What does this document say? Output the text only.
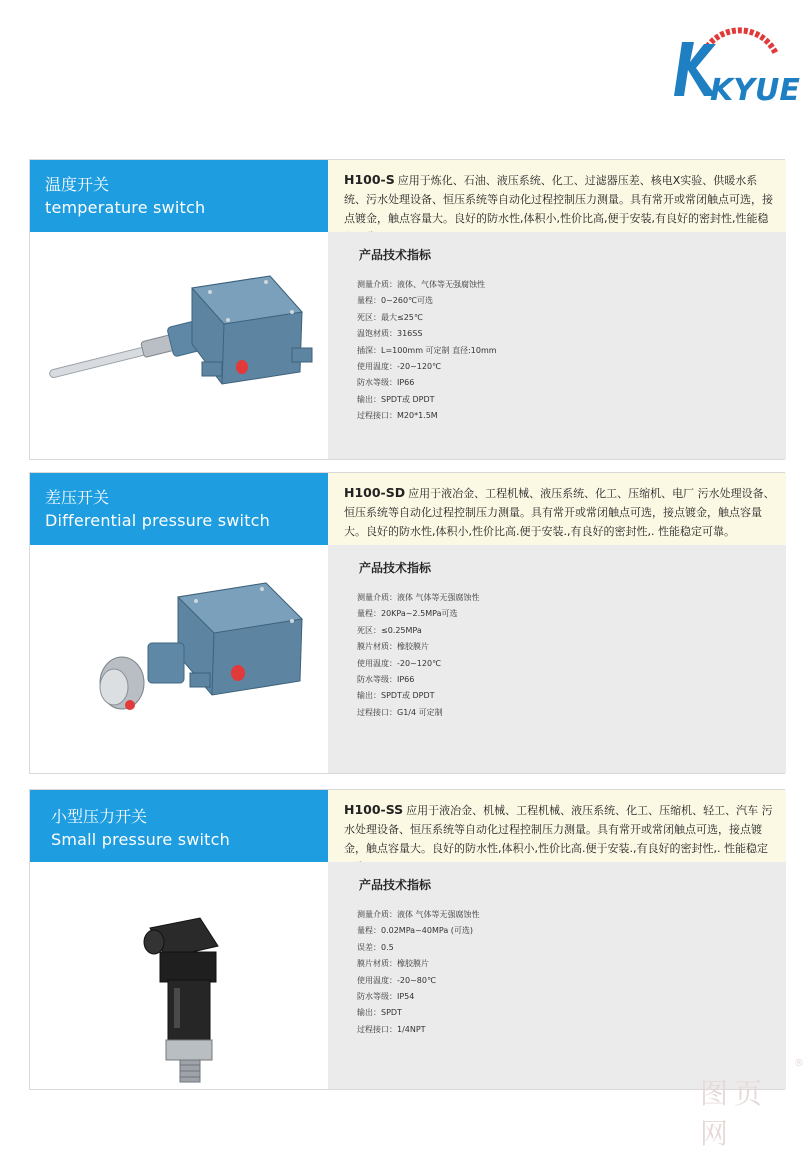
KYUE
温度开关
temperature switch
H100-S 应用于炼化、石油、液压系统、化工、过滤器压差、核电X实验、供暖水系统、污水处理设备、恒压系统等自动化过程控制压力测量。具有常开或常闭触点可选，接点镀金，触点容量大。良好的防水性,体积小,性价比高,便于安装,有良好的密封性,性能稳
产品技术指标
测量介质：液体、气体等无强腐蚀性
量程：0~260℃可选
死区：最大≤25℃
温饱材质：316SS
插深：L=100mm 可定制 直径:10mm
使用温度：-20~120℃
防水等级：IP66
输出：SPDT或 DPDT
过程接口：M20*1.5M
差压开关
Differential pressure switch
H100-SD 应用于液冶金、工程机械、液压系统、化工、压缩机、电厂 污水处理设备、恒压系统等自动化过程控制压力测量。具有常开或常闭触点可选，接点镀金，触点容量大。良好的防水性,体积小,性价比高.便于安装.,有良好的密封性,. 性能稳定可靠。
产品技术指标
测量介质：液体 气体等无强腐蚀性
量程：20KPa~2.5MPa可选
死区：≤0.25MPa
膜片材质：橡胶膜片
使用温度：-20~120℃
防水等级：IP66
输出：SPDT或 DPDT
过程接口：G1/4 可定制
小型压力开关
Small pressure switch
H100-SS 应用于液冶金、机械、工程机械、液压系统、化工、压缩机、轻工、汽车 污水处理设备、恒压系统等自动化过程控制压力测量。具有常开或常闭触点可选，接点镀金，触点容量大。良好的防水性,体积小,性价比高.便于安装.,有良好的密封性,. 性能稳定
产品技术指标
测量介质：液体 气体等无强腐蚀性
量程：0.02MPa~40MPa (可选)
误差：0.5
膜片材质：橡胶膜片
使用温度：-20~80℃
防水等级：IP54
输出：SPDT
过程接口：1/4NPT
图页网
®
